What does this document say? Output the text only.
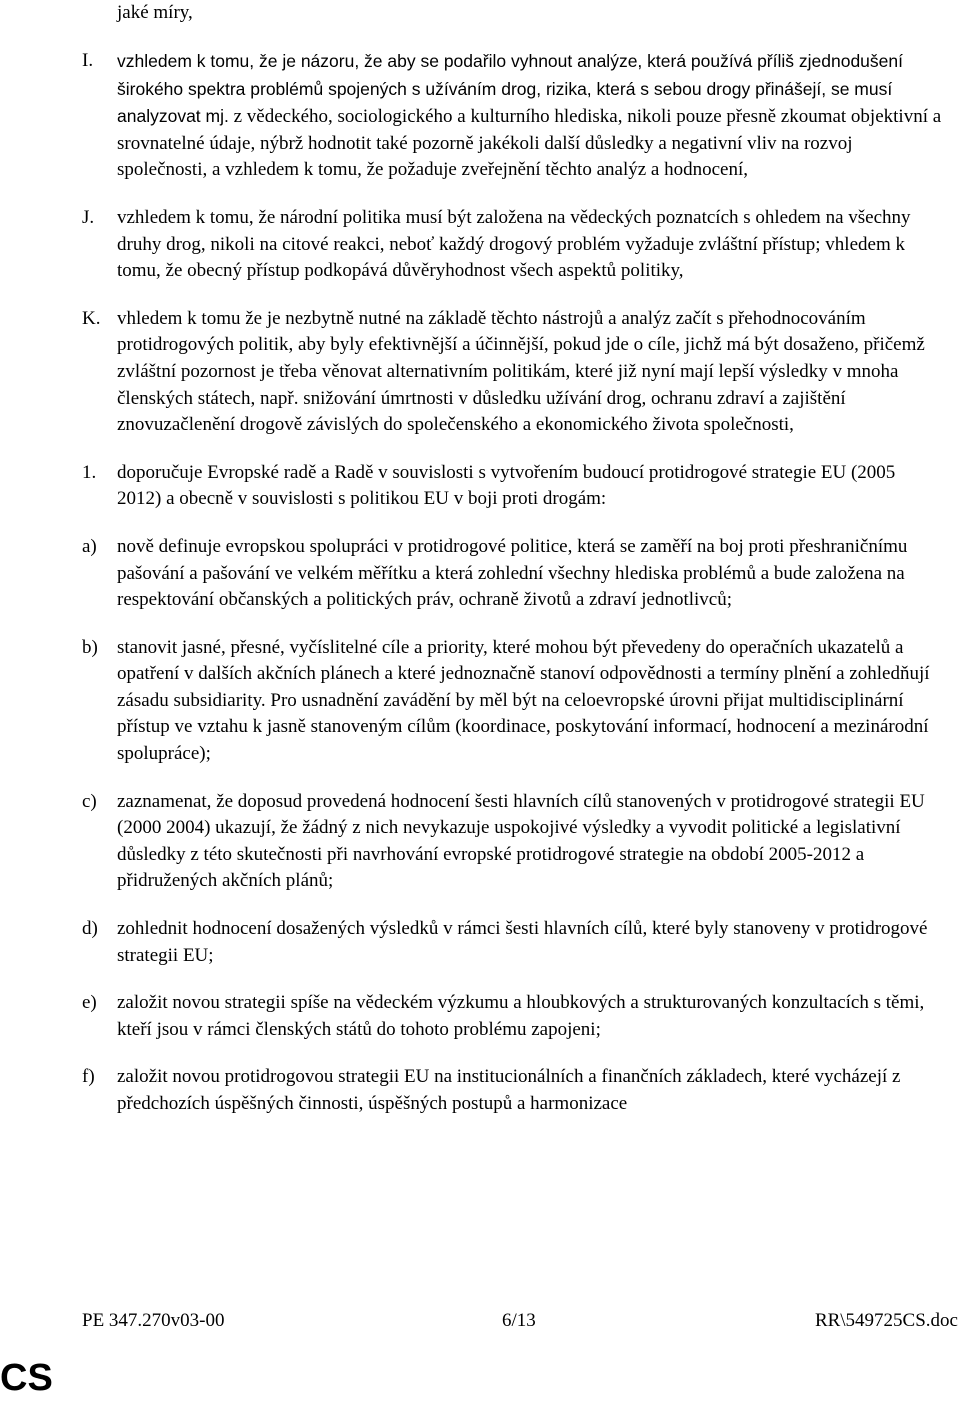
jaké míry,
I.	vzhledem k tomu, že je názoru, že aby se podařilo vyhnout analýze, která používá příliš zjednodušení širokého spektra problémů spojených s užíváním drog, rizika, která s sebou drogy přinášejí, se musí analyzovat mj. z vědeckého, sociologického a kulturního hlediska, nikoli pouze přesně zkoumat objektivní a srovnatelné údaje, nýbrž hodnotit také pozorně jakékoli další důsledky a negativní vliv na rozvoj společnosti, a vzhledem k tomu, že požaduje zveřejnění těchto analýz a hodnocení,
J.	vzhledem k tomu, že národní politika musí být založena na vědeckých poznatcích s ohledem na všechny druhy drog, nikoli na citové reakci, neboť každý drogový problém vyžaduje zvláštní přístup; vhledem k tomu, že obecný přístup podkopává důvěryhodnost všech aspektů politiky,
K. vhledem k tomu že je nezbytně nutné na základě těchto nástrojů a analýz začít s přehodnocováním protidrogových politik, aby byly efektivnější a účinnější, pokud jde o cíle, jichž má být dosaženo, přičemž zvláštní pozornost je třeba věnovat alternativním politikám, které již nyní mají lepší výsledky v mnoha členských státech, např. snižování úmrtnosti v důsledku užívání drog, ochranu zdraví a zajištění znovuzačlenění drogově závislých do společenského a ekonomického života společnosti,
1.	doporučuje Evropské radě a Radě v souvislosti s vytvořením budoucí protidrogové strategie EU (2005 2012) a obecně v souvislosti s politikou EU v boji proti drogám:
a)	nově definuje evropskou spolupráci v protidrogové politice, která se zaměří na boj proti přeshraničnímu pašování a pašování ve velkém měřítku a která zohlední všechny hlediska problémů a bude založena na respektování občanských a politických práv, ochraně životů a zdraví jednotlivců;
b)	stanovit jasné, přesné, vyčíslitelné cíle a priority, které mohou být převedeny do operačních ukazatelů a opatření v dalších akčních plánech a které jednoznačně stanoví odpovědnosti a termíny plnění a zohledňují zásadu subsidiarity. Pro usnadnění zavádění by měl být na celoevropské úrovni přijat multidisciplinární přístup ve vztahu k jasně stanoveným cílům (koordinace, poskytování informací, hodnocení a mezinárodní spolupráce);
c)	zaznamenat, že doposud provedená hodnocení šesti hlavních cílů stanovených v protidrogové strategii EU (2000 2004) ukazují, že žádný z nich nevykazuje uspokojivé výsledky a vyvodit politické a legislativní důsledky z této skutečnosti při navrhování evropské protidrogové strategie na období 2005-2012 a přidružených akčních plánů;
d)	zohlednit hodnocení dosažených výsledků v rámci šesti hlavních cílů, které byly stanoveny v protidrogové strategii EU;
e)	založit novou strategii spíše na vědeckém výzkumu a hloubkových a strukturovaných konzultacích s těmi, kteří jsou v rámci členských států do tohoto problému zapojeni;
f)	založit novou protidrogovou strategii EU na institucionálních a finančních základech, které vycházejí z předchozích úspěšných činnosti, úspěšných postupů a harmonizace
PE 347.270v03-00	6/13	RR\549725CS.doc
CS
